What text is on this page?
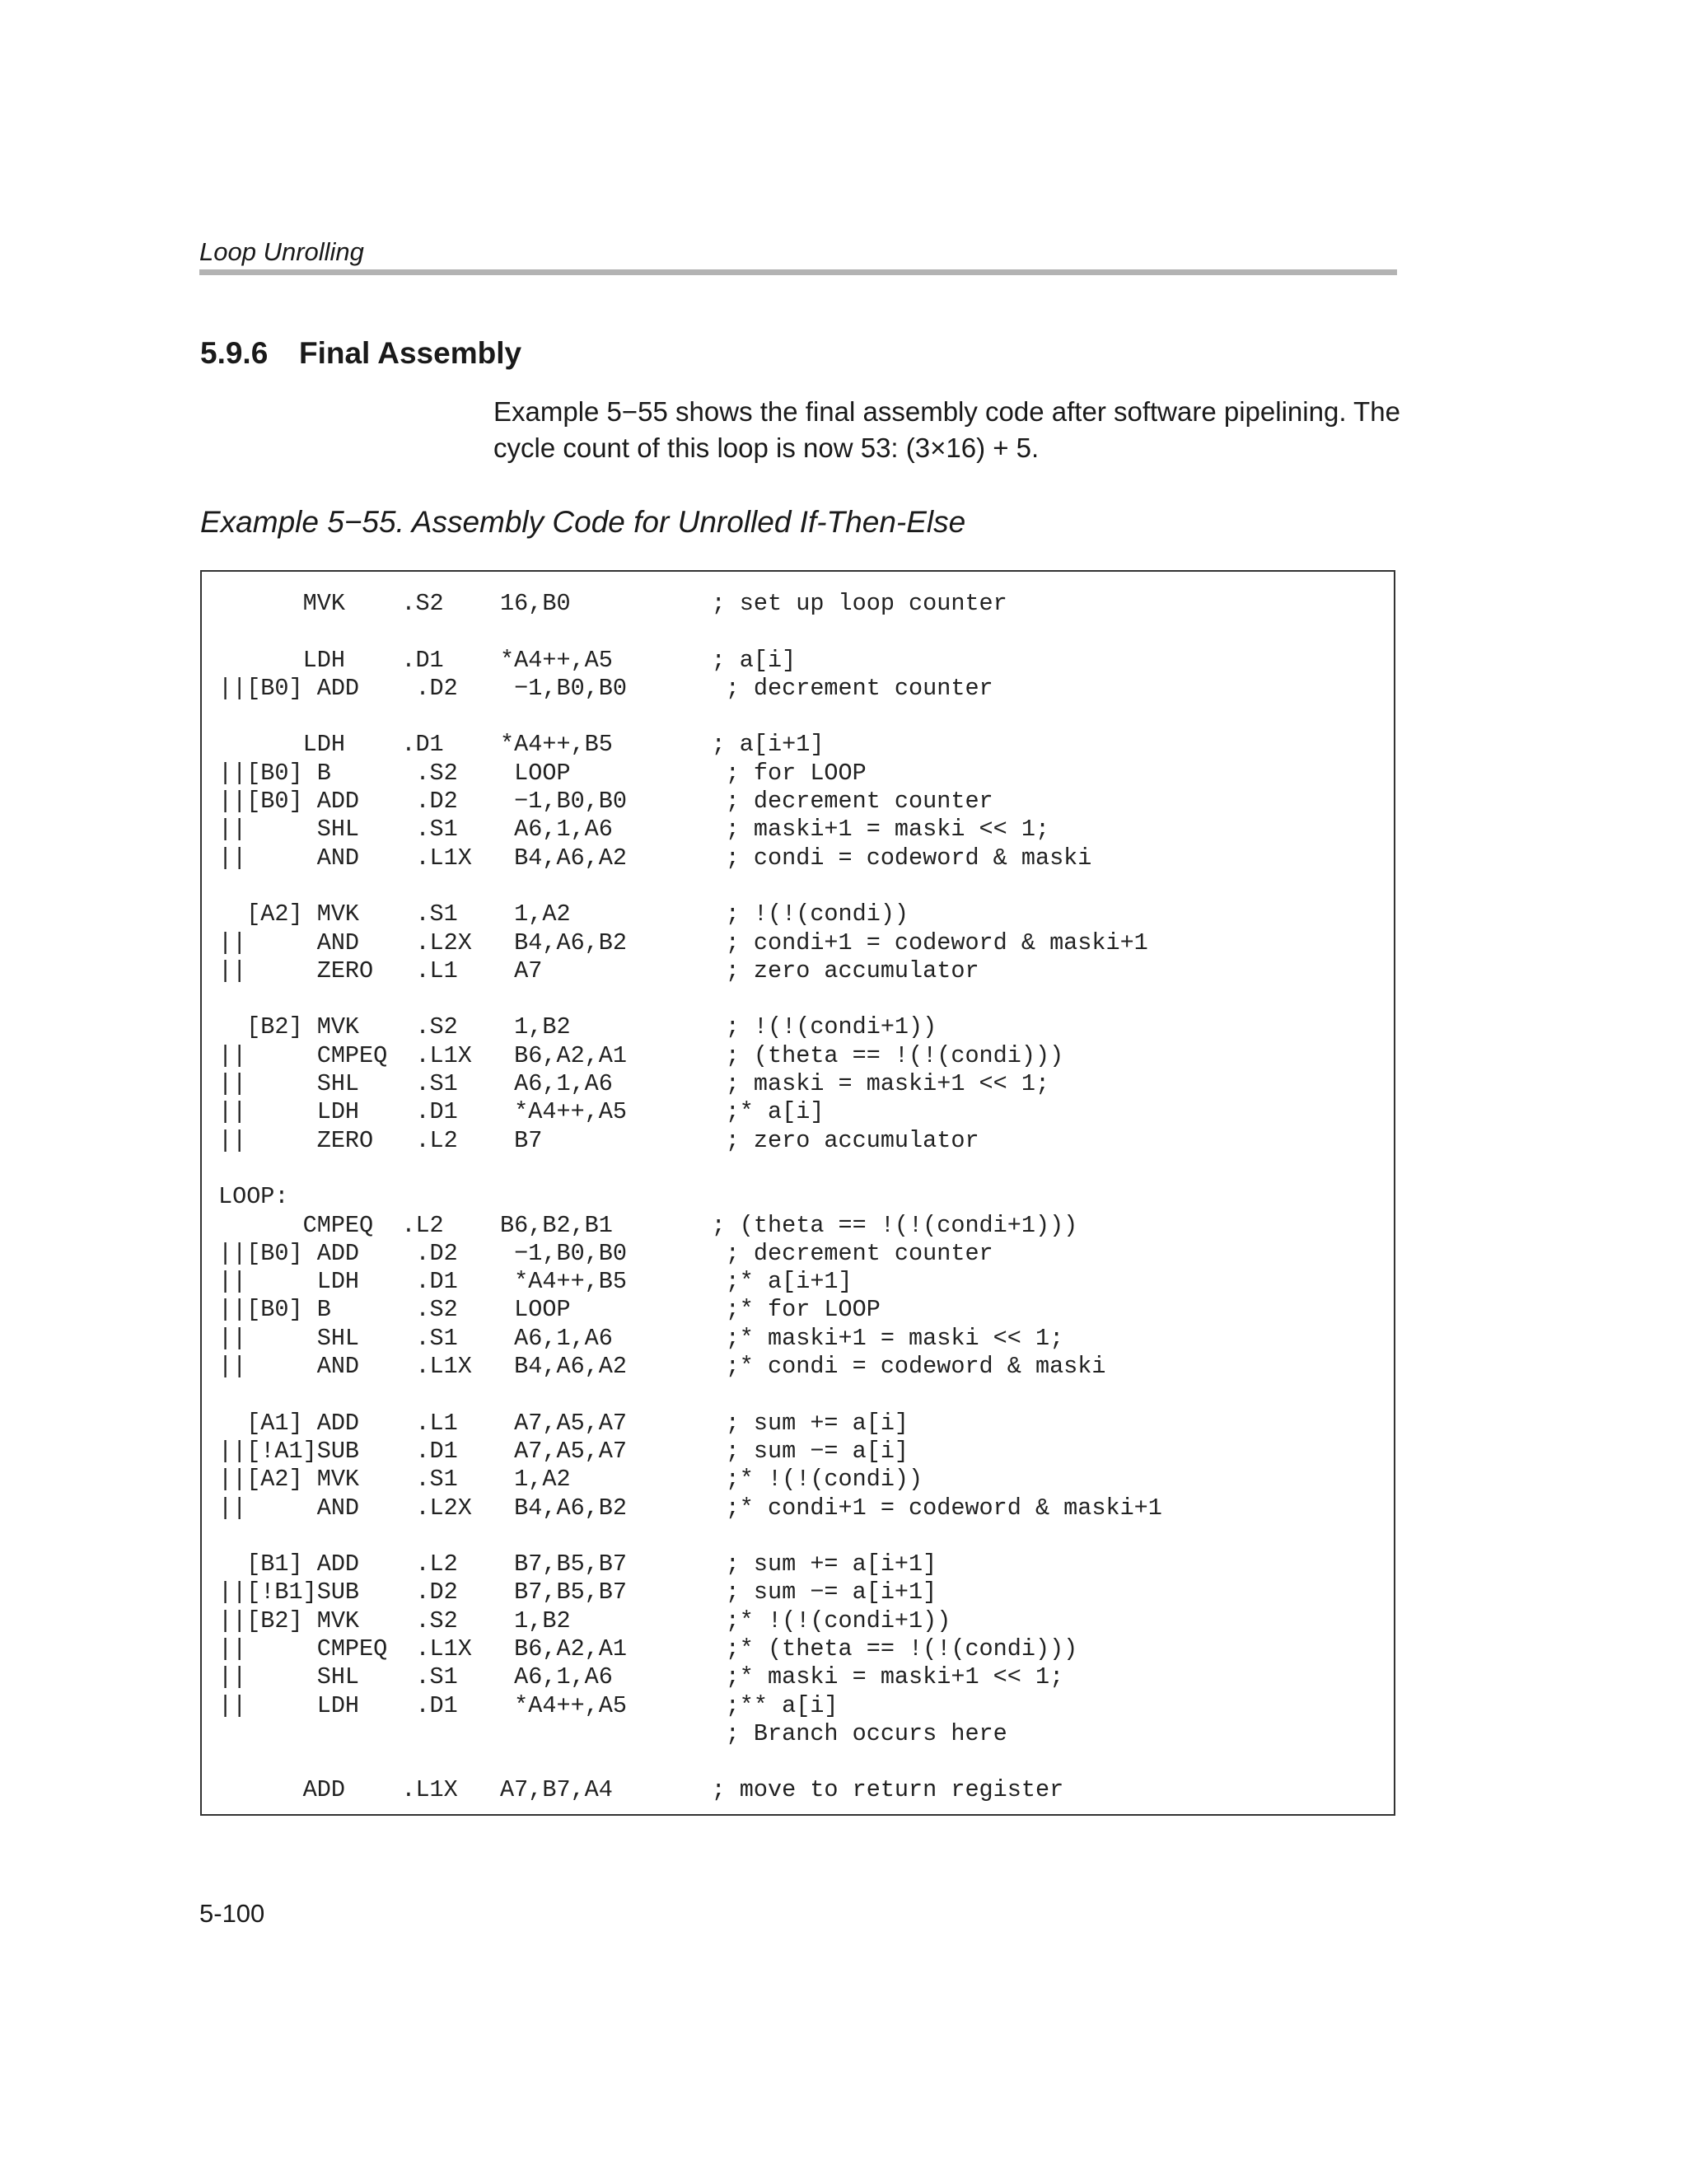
Loop Unrolling
5.9.6 Final Assembly

Example 5−55 shows the final assembly code after software pipelining. The
cycle count of this loop is now 53: (3×16) + 5.

Example 5−55. Assembly Code for Unrolled If-Then-Else
MVK    .S2    16,B0          ; set up loop counter
LDH    .D1    *A4++,A5       ; a[i]
||[B0] ADD    .D2    −1,B0,B0       ; decrement counter
LDH    .D1    *A4++,B5       ; a[i+1]
||[B0] B      .S2    LOOP           ; for LOOP
||[B0] ADD    .D2    −1,B0,B0       ; decrement counter
||     SHL    .S1    A6,1,A6        ; maski+1 = maski << 1;
||     AND    .L1X   B4,A6,A2       ; condi = codeword & maski
[A2] MVK    .S1    1,A2           ; !(!(condi))
||     AND    .L2X   B4,A6,B2       ; condi+1 = codeword & maski+1
||     ZERO   .L1    A7             ; zero accumulator
[B2] MVK    .S2    1,B2           ; !(!(condi+1))
||     CMPEQ  .L1X   B6,A2,A1       ; (theta == !(!(condi)))
||     SHL    .S1    A6,1,A6        ; maski = maski+1 << 1;
||     LDH    .D1    *A4++,A5       ;* a[i]
||     ZERO   .L2    B7             ; zero accumulator
LOOP:
CMPEQ  .L2    B6,B2,B1       ; (theta == !(!(condi+1)))
||[B0] ADD    .D2    −1,B0,B0       ; decrement counter
||     LDH    .D1    *A4++,B5       ;* a[i+1]
||[B0] B      .S2    LOOP           ;* for LOOP
||     SHL    .S1    A6,1,A6        ;* maski+1 = maski << 1;
||     AND    .L1X   B4,A6,A2       ;* condi = codeword & maski
[A1] ADD    .L1    A7,A5,A7       ; sum += a[i]
||[!A1]SUB    .D1    A7,A5,A7       ; sum −= a[i]
||[A2] MVK    .S1    1,A2           ;* !(!(condi))
||     AND    .L2X   B4,A6,B2       ;* condi+1 = codeword & maski+1
[B1] ADD    .L2    B7,B5,B7       ; sum += a[i+1]
||[!B1]SUB    .D2    B7,B5,B7       ; sum −= a[i+1]
||[B2] MVK    .S2    1,B2           ;* !(!(condi+1))
||     CMPEQ  .L1X   B6,A2,A1       ;* (theta == !(!(condi)))
||     SHL    .S1    A6,1,A6        ;* maski = maski+1 << 1;
||     LDH    .D1    *A4++,A5       ;** a[i]
; Branch occurs here
ADD    .L1X   A7,B7,A4       ; move to return register
5-100
